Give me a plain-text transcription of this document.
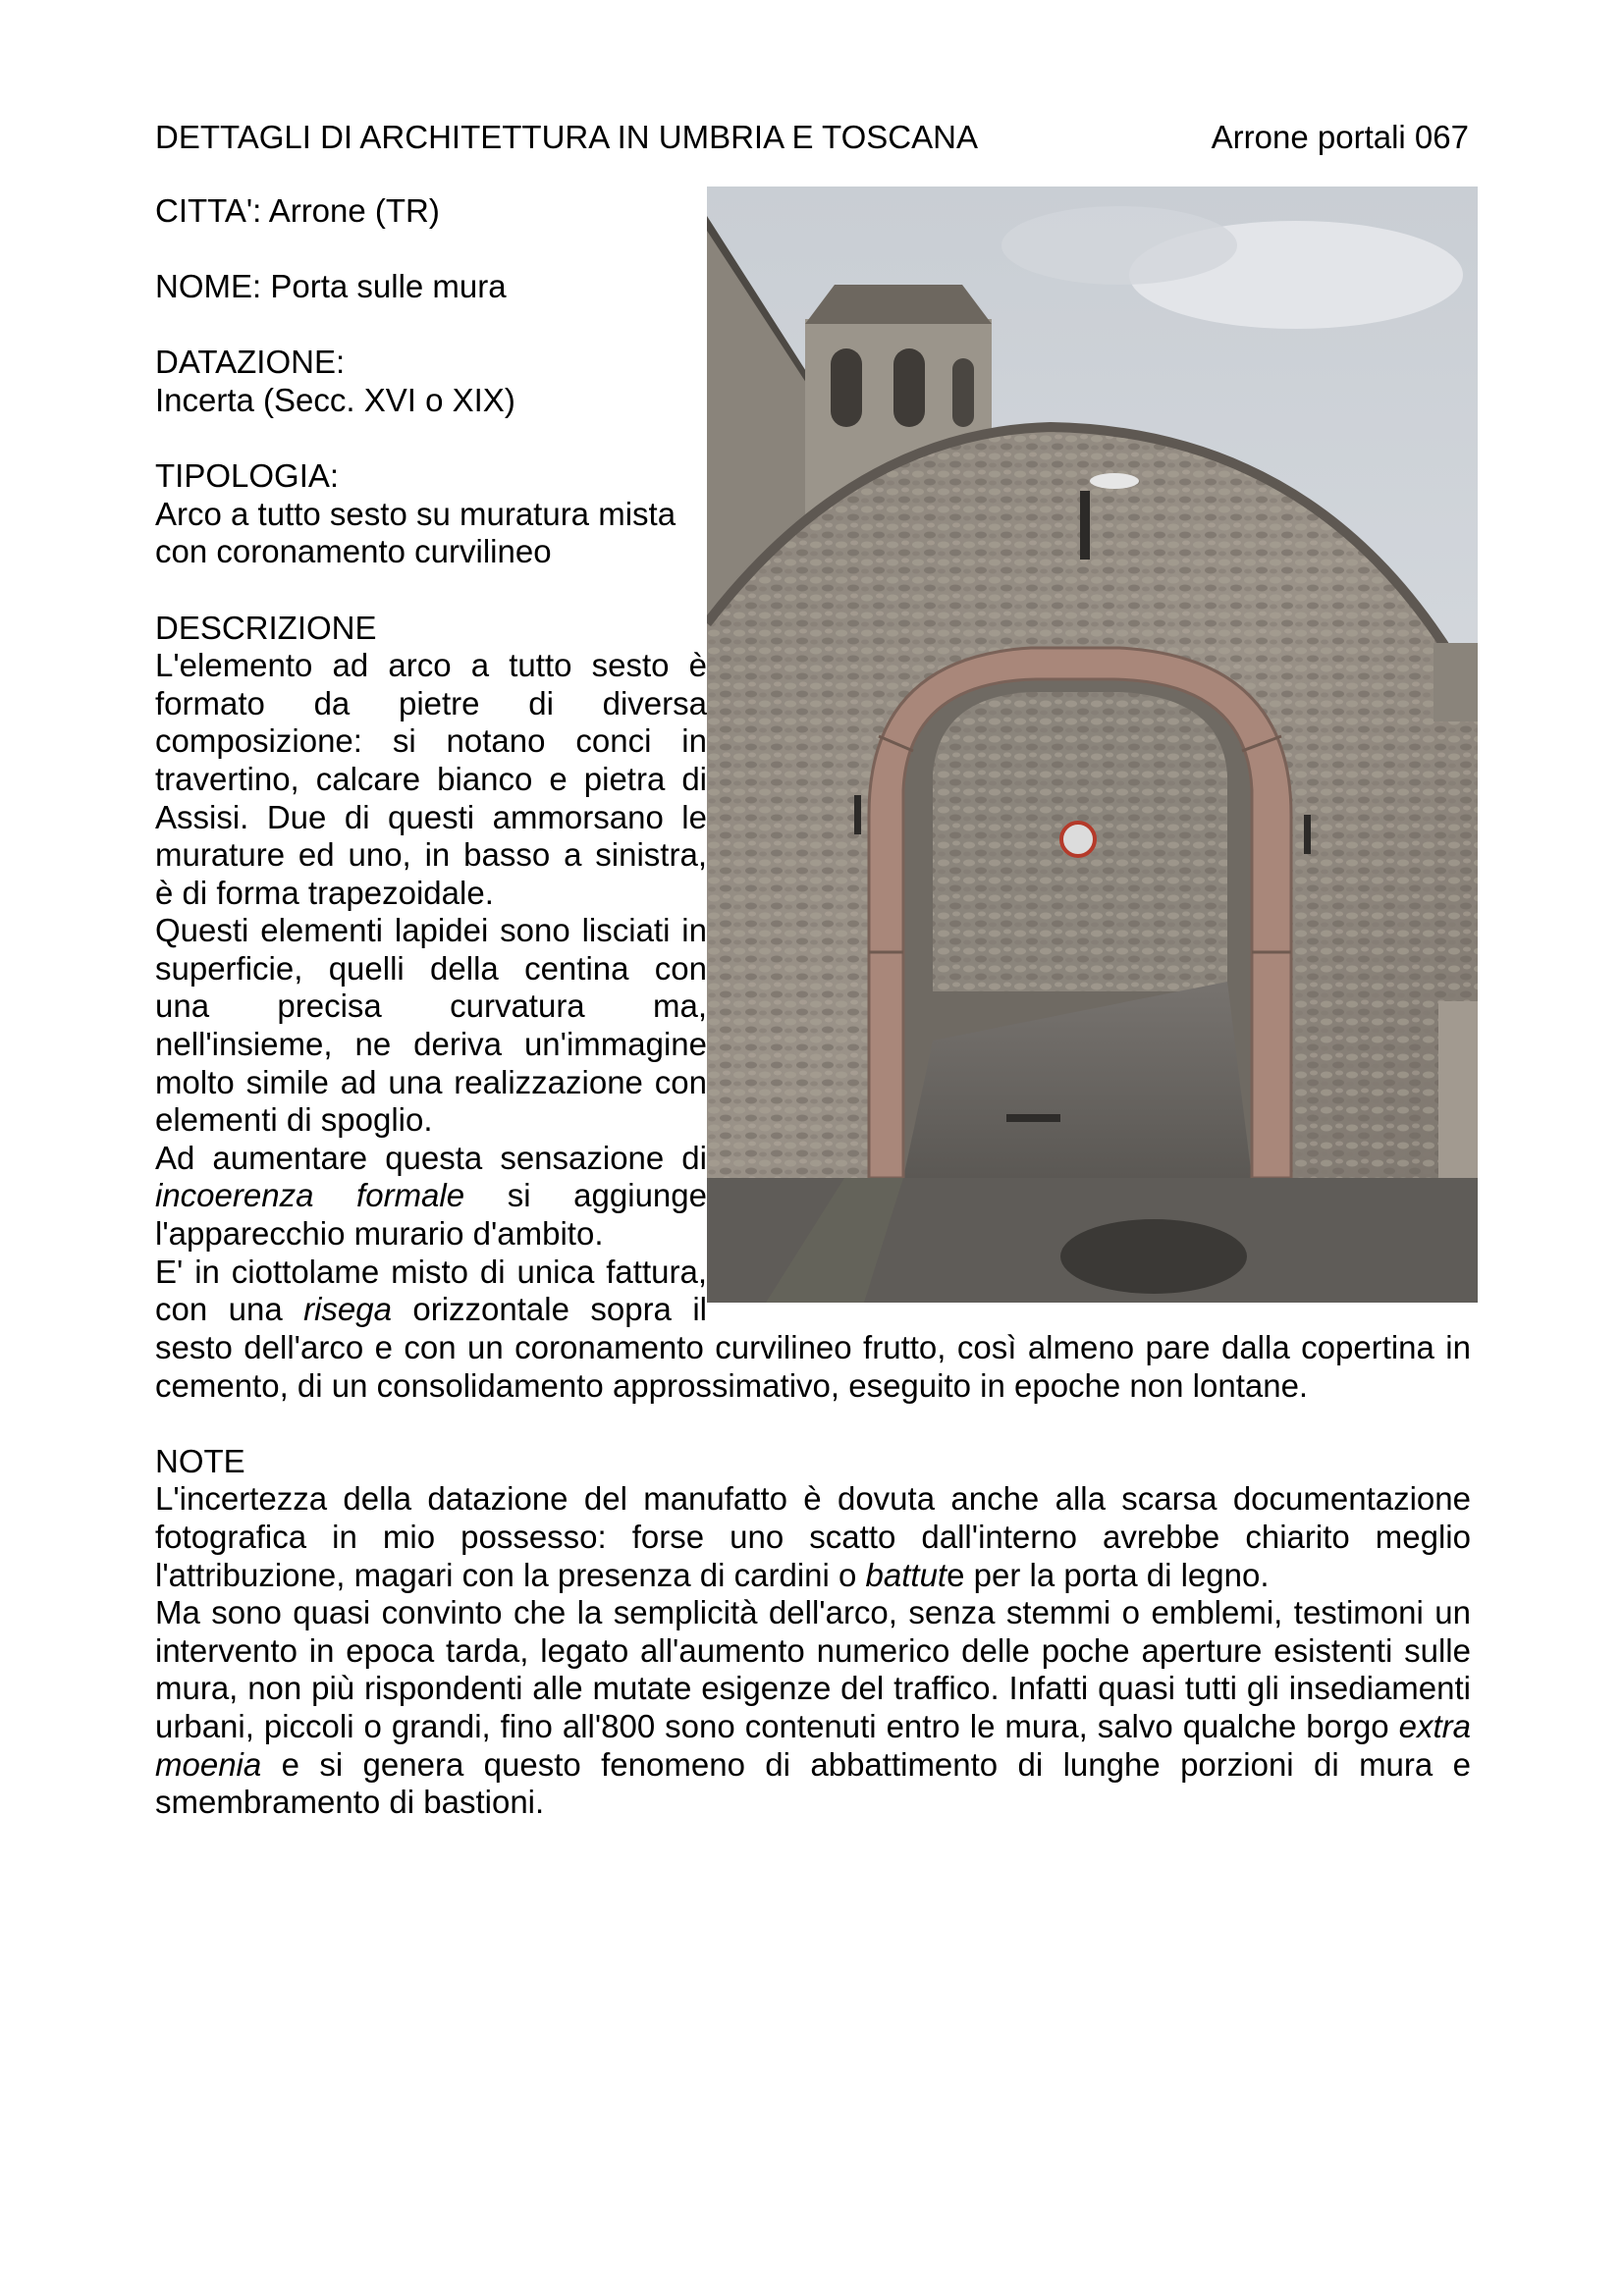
DETTAGLI DI ARCHITETTURA IN UMBRIA E TOSCANA	Arrone portali 067

CITTA': Arrone (TR)

NOME: Porta sulle mura

DATAZIONE:

Incerta (Secc. XVI o XIX)

TIPOLOGIA:

Arco a tutto sesto su muratura mista

con coronamento curvilineo

DESCRIZIONE

L'elemento ad arco a tutto sesto è

formato da pietre di diversa

composizione: si notano conci in

travertino, calcare bianco e pietra di

Assisi. Due di questi ammorsano le

murature ed uno, in basso a sinistra,

è di forma trapezoidale.

Questi elementi lapidei sono lisciati in

superficie, quelli della centina con

una precisa curvatura ma,

nell'insieme, ne deriva un'immagine

molto simile ad una realizzazione con

elementi di spoglio.

Ad aumentare questa sensazione di

incoerenza formale si aggiunge

l'apparecchio murario d'ambito.

E' in ciottolame misto di unica fattura,

con una risega orizzontale sopra il

sesto dell'arco e con un coronamento curvilineo frutto, così almeno pare dalla copertina in

cemento, di un consolidamento approssimativo, eseguito in epoche non lontane.

NOTE

L'incertezza della datazione del manufatto è dovuta anche alla scarsa documentazione fotografica in mio possesso: forse uno scatto dall'interno avrebbe chiarito meglio l'attribuzione, magari con la presenza di cardini o battute per la porta di legno.

Ma sono quasi convinto che la semplicità dell'arco, senza stemmi o emblemi, testimoni un intervento in epoca tarda, legato all'aumento numerico delle poche aperture esistenti sulle mura, non più rispondenti alle mutate esigenze del traffico. Infatti quasi tutti gli insediamenti urbani, piccoli o grandi, fino all'800 sono contenuti entro le mura, salvo qualche borgo extra moenia e si genera questo fenomeno di abbattimento di lunghe porzioni di mura e smembramento di bastioni.
